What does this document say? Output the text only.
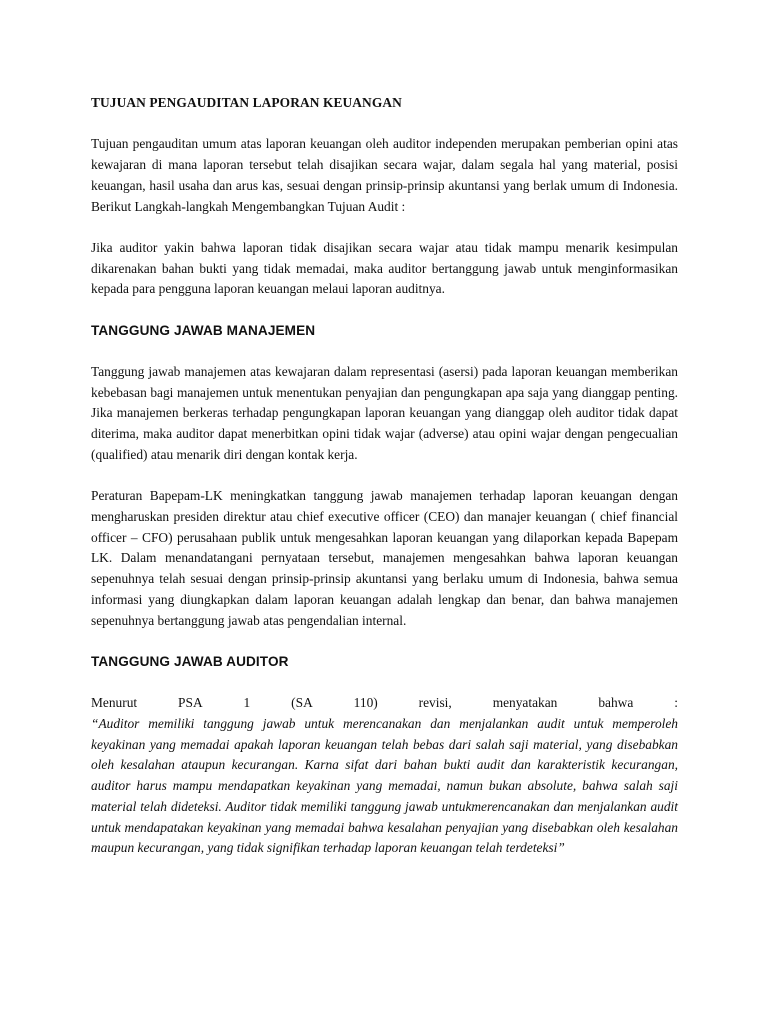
TUJUAN PENGAUDITAN LAPORAN KEUANGAN

Tujuan pengauditan umum atas laporan keuangan oleh auditor independen merupakan pemberian opini atas kewajaran di mana laporan tersebut telah disajikan secara wajar, dalam segala hal yang material, posisi keuangan, hasil usaha dan arus kas, sesuai dengan prinsip-prinsip akuntansi yang berlak umum di Indonesia. Berikut Langkah-langkah Mengembangkan Tujuan Audit :

Jika auditor yakin bahwa laporan tidak disajikan secara wajar atau tidak mampu menarik kesimpulan dikarenakan bahan bukti yang tidak memadai, maka auditor bertanggung jawab untuk menginformasikan kepada para pengguna laporan keuangan melaui laporan auditnya.

TANGGUNG JAWAB MANAJEMEN

Tanggung jawab manajemen atas kewajaran dalam representasi (asersi) pada laporan keuangan memberikan kebebasan bagi manajemen untuk menentukan penyajian dan pengungkapan apa saja yang dianggap penting. Jika manajemen berkeras terhadap pengungkapan laporan keuangan yang dianggap oleh auditor tidak dapat diterima, maka auditor dapat menerbitkan opini tidak wajar (adverse) atau opini wajar dengan pengecualian (qualified) atau menarik diri dengan kontak kerja.

Peraturan Bapepam-LK meningkatkan tanggung jawab manajemen terhadap laporan keuangan dengan mengharuskan presiden direktur atau chief executive officer (CEO) dan manajer keuangan ( chief financial officer – CFO) perusahaan publik untuk mengesahkan laporan keuangan yang dilaporkan kepada Bapepam LK. Dalam menandatangani pernyataan tersebut, manajemen mengesahkan bahwa laporan keuangan sepenuhnya telah sesuai dengan prinsip-prinsip akuntansi yang berlaku umum di Indonesia, bahwa semua informasi yang diungkapkan dalam laporan keuangan adalah lengkap dan benar, dan bahwa manajemen sepenuhnya bertanggung jawab atas pengendalian internal.

TANGGUNG JAWAB AUDITOR
Menurut	PSA	1	(SA	110)	revisi,	menyatakan	bahwa	:

“Auditor memiliki tanggung jawab untuk merencanakan dan menjalankan audit untuk memperoleh keyakinan yang memadai apakah laporan keuangan telah bebas dari salah saji material, yang disebabkan oleh kesalahan ataupun kecurangan. Karna sifat dari bahan bukti audit dan karakteristik kecurangan, auditor harus mampu mendapatkan keyakinan yang memadai, namun bukan absolute, bahwa salah saji material telah dideteksi. Auditor tidak memiliki tanggung jawab untukmerencanakan dan menjalankan audit untuk mendapatakan keyakinan yang memadai bahwa kesalahan penyajian yang disebabkan oleh kesalahan maupun kecurangan, yang tidak signifikan terhadap laporan keuangan telah terdeteksi”
